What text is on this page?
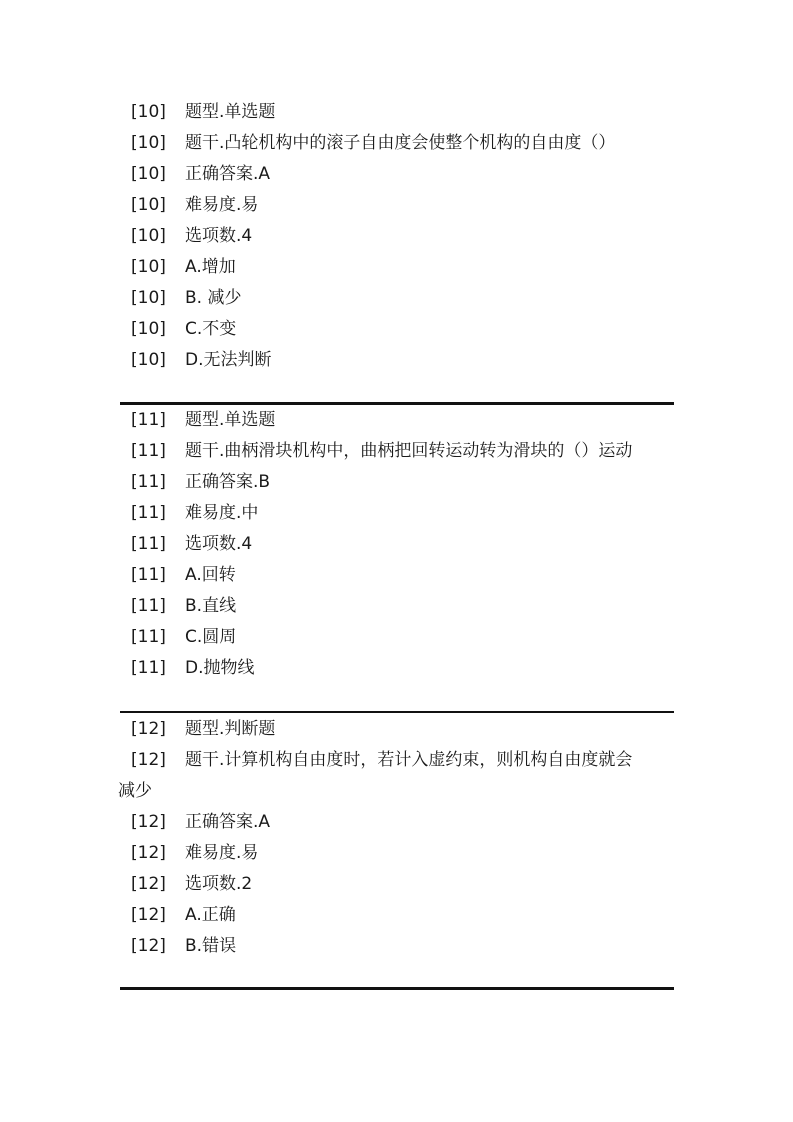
[10] 题型.单选题
[10] 题干.凸轮机构中的滚子自由度会使整个机构的自由度（）
[10] 正确答案.A
[10] 难易度.易
[10] 选项数.4
[10] A.增加
[10] B. 减少
[10] C.不变
[10] D.无法判断
[11] 题型.单选题
[11] 题干.曲柄滑块机构中，曲柄把回转运动转为滑块的（）运动
[11] 正确答案.B
[11] 难易度.中
[11] 选项数.4
[11] A.回转
[11] B.直线
[11] C.圆周
[11] D.抛物线
[12] 题型.判断题
[12] 题干.计算机构自由度时，若计入虚约束，则机构自由度就会
减少
[12] 正确答案.A
[12] 难易度.易
[12] 选项数.2
[12] A.正确
[12] B.错误
